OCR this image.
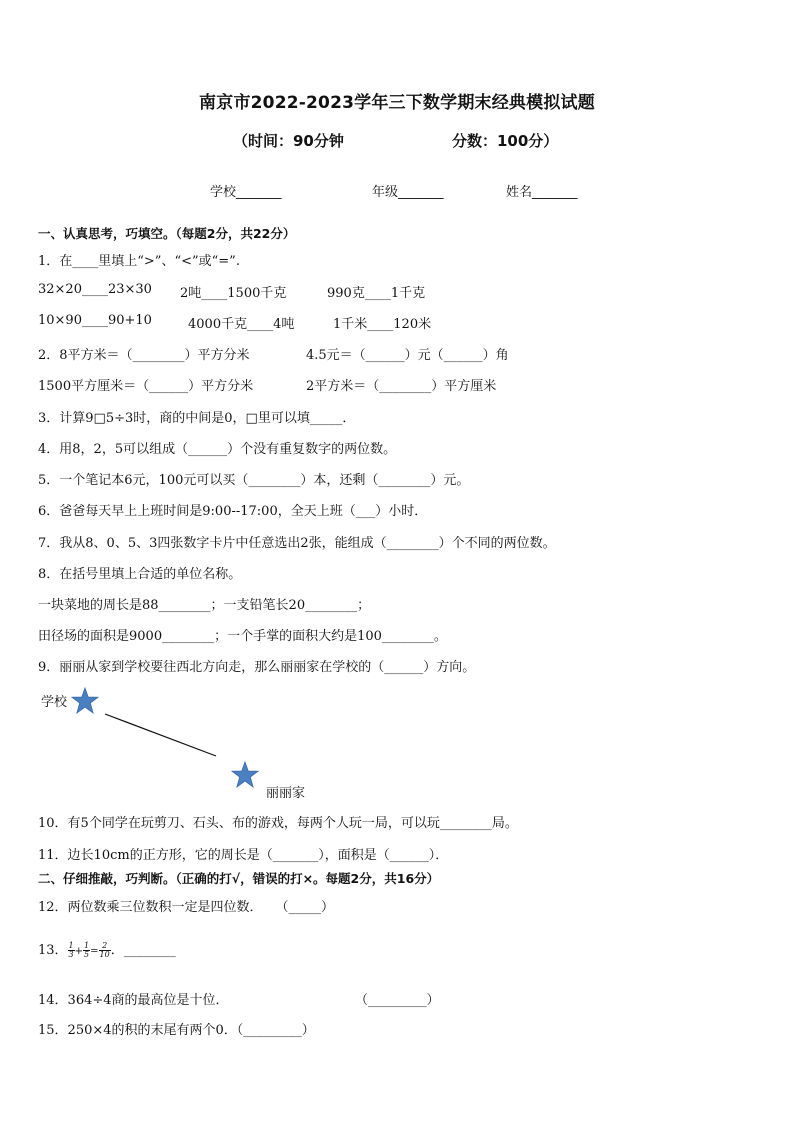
南京市2022-2023学年三下数学期末经典模拟试题
（时间：90分钟	分数：100分）
学校_______	年级_______	姓名_______
一、认真思考，巧填空。（每题2分，共22分）
1．在____里填上“>”、“<”或“=”.
32×20____23×30 2吨____1500千克	990克____1千克
10×90____90+10	4000千克____4吨	1千米____120米
2．8平方米＝（________）平方分米	4.5元＝（______）元（______）角
1500平方厘米＝（______）平方分米	2平方米＝（________）平方厘米
3．计算9□5÷3时，商的中间是0，□里可以填_____．
4．用8，2，5可以组成（______）个没有重复数字的两位数。
5．一个笔记本6元，100元可以买（________）本，还剩（________）元。
6．爸爸每天早上上班时间是9:00--17:00，全天上班（___）小时．
7．我从8、0、5、3四张数字卡片中任意选出2张，能组成（________）个不同的两位数。
8．在括号里填上合适的单位名称。
一块菜地的周长是88________；一支铅笔长20________；
田径场的面积是9000________；一个手掌的面积大约是100________。
9．丽丽从家到学校要往西北方向走，那么丽丽家在学校的（______）方向。
学校
丽丽家
10．有5个同学在玩剪刀、石头、布的游戏，每两个人玩一局，可以玩________局。
11．边长10cm的正方形，它的周长是（_______），面积是（______）．
二、仔细推敲，巧判断。（正确的打√，错误的打×。每题2分，共16分）
12．两位数乘三位数积一定是四位数．　　（_____）
13． $\frac{1}{3} + \frac{1}{5} = \frac{2}{10}$ ．________
14．364÷4商的最高位是十位．	（_________）
15．250×4的积的末尾有两个0．（_________）
